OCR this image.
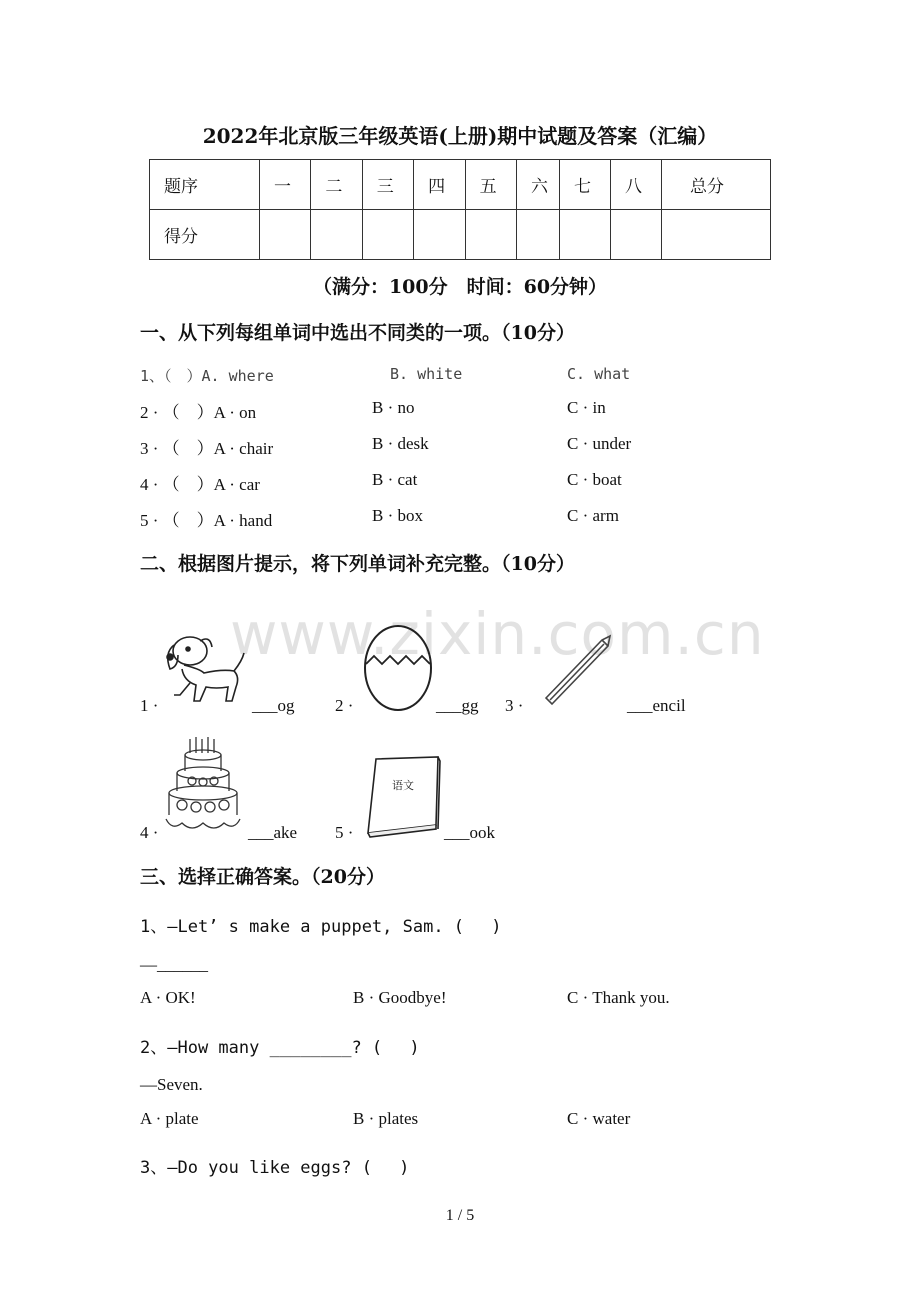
2022年北京版三年级英语(上册)期中试题及答案（汇编）
题序	一	二	三	四	五	六	七	八	总分
得分									
（满分：100分　时间：60分钟）
一、从下列每组单词中选出不同类的一项。（10分）
1、（　）A. where	B. white	C. what
2 · （　）A · on	B · no	C · in
3 · （　）A · chair	B · desk	C · under
4 · （　）A · car	B · cat	C · boat
5 · （　）A · hand	B · box	C · arm
二、根据图片提示，将下列单词补充完整。（10分）
www.zixin.com.cn
1 ·	___og 2 ·	___gg 3 ·	___encil
4 ·	___ake
语文
5 ·	___ook
三、选择正确答案。（20分）
1、—Let’ s make a puppet, Sam. (　 )
—______
A · OK!	B · Goodbye!	C · Thank you.
2、—How many ________? (　 )
—Seven.
A · plate	B · plates	C · water
3、—Do you like eggs? (　 )
1 / 5
